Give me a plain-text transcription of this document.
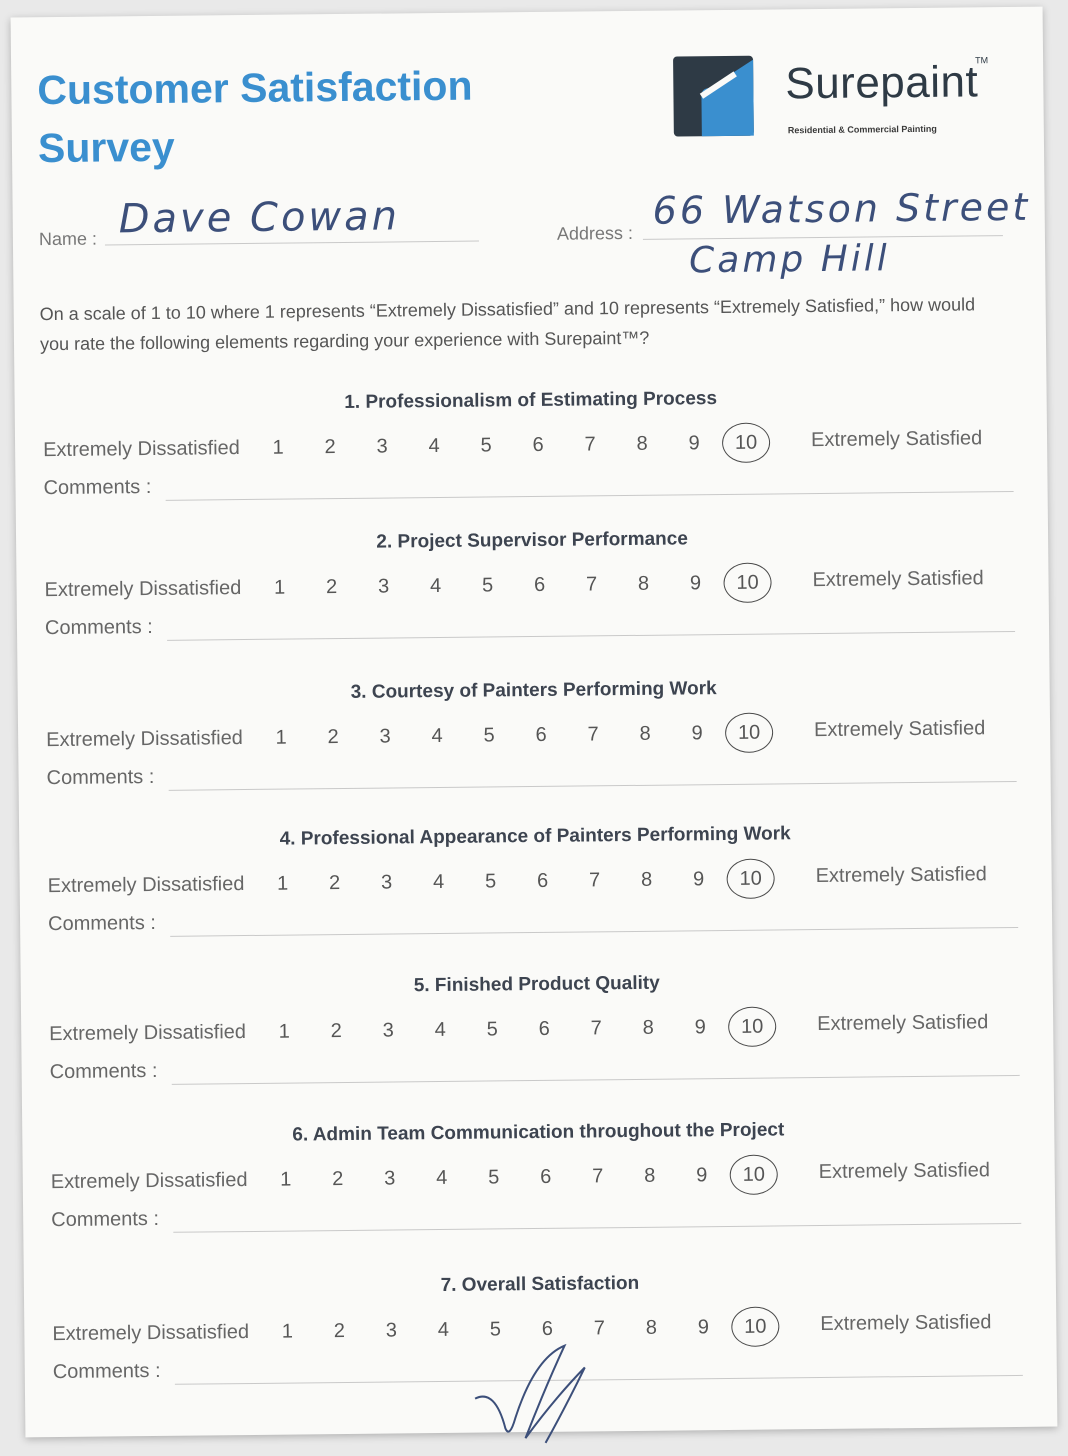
Customer Satisfaction
Survey
Surepaint
TM
Residential & Commercial Painting
Name : Dave Cowan	Address :
66 Watson Street
Camp Hill
On a scale of 1 to 10 where 1 represents “Extremely Dissatisfied” and 10 represents “Extremely Satisfied,” how would you rate the following elements regarding your experience with Surepaint™?
1. Professionalism of Estimating Process
Extremely Dissatisfied	1	2	3	4	5	6	7	8	9	10	Extremely Satisfied
Comments :
2. Project Supervisor Performance
Extremely Dissatisfied	1	2	3	4	5	6	7	8	9	10	Extremely Satisfied
Comments :
3. Courtesy of Painters Performing Work
Extremely Dissatisfied	1	2	3	4	5	6	7	8	9	10	Extremely Satisfied
Comments :
4. Professional Appearance of Painters Performing Work
Extremely Dissatisfied	1	2	3	4	5	6	7	8	9	10	Extremely Satisfied
Comments :
5. Finished Product Quality
Extremely Dissatisfied	1	2	3	4	5	6	7	8	9	10	Extremely Satisfied
Comments :
6. Admin Team Communication throughout the Project
Extremely Dissatisfied	1	2	3	4	5	6	7	8	9	10	Extremely Satisfied
Comments :
7. Overall Satisfaction
Extremely Dissatisfied	1	2	3	4	5	6	7	8	9	10	Extremely Satisfied
Comments :
